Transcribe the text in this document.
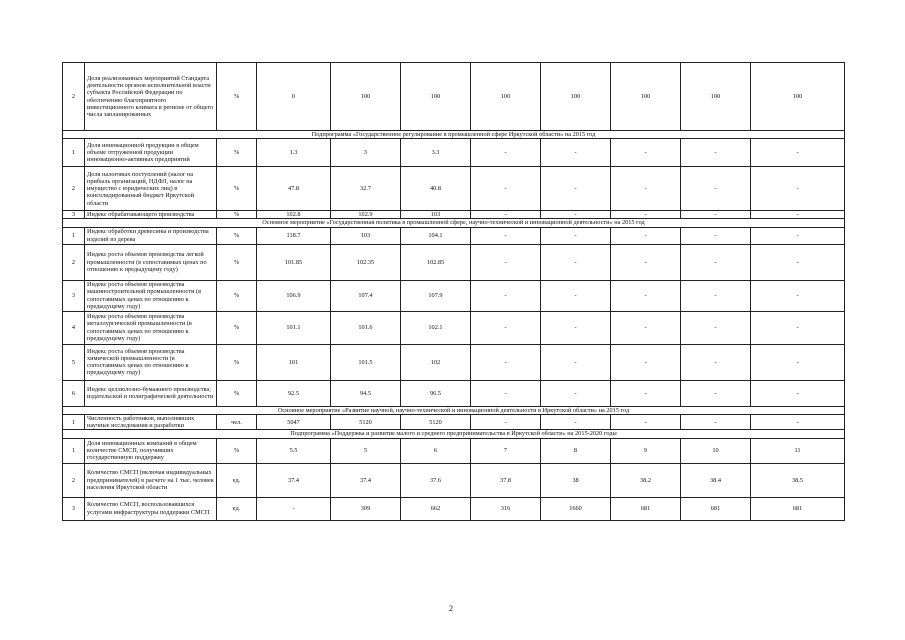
2	Доля реализованных мероприятий Стандарта деятельности органов исполнительной власти субъекта Российской Федерации по обеспечению благоприятного инвестиционного климата в регионе от общего числа запланированных	%	0	100	100	100	100	100	100	100
Подпрограмма «Государственное регулирование в промышленной сфере Иркутской области» на 2015 год										
1	Доля инновационной продукции в общем объеме отгруженной продукции инновационно-активных предприятий	%	1.3	3	3.3	-	-	-	-	-
2	Доля налоговых поступлений (налог на прибыль организаций, НДФЛ, налог на имущество с юридических лиц) в консолидированный бюджет Иркутской области	%	47.8	32.7	40.8	-	-	-	-	-
3	Индекс обрабатывающего производства	%	102.8	102.9	103	-	-	-	-	-
Основное мероприятие «Государственная политика в промышленной сфере, научно-технической и инновационной деятельности» на 2015 год										
1	Индекс обработки древесины и производства изделий из дерева	%	118.7	103	104.1	-	-	-	-	-
2	Индекс роста объемов производства легкой промышленности (в сопоставимых ценах по отношению к предыдущему году)	%	101.85	102.35	102.85	-	-	-	-	-
3	Индекс роста объемов производства машиностроительной промышленности (в сопоставимых ценах по отношению к предыдущему году)	%	106.9	107.4	107.9	-	-	-	-	-
4	Индекс роста объемов производства металлургической промышленности (в сопоставимых ценах по отношению к предыдущему году)	%	101.1	101.6	102.1	-	-	-	-	-
5	Индекс роста объемов производства химической промышленности (в сопоставимых ценах по отношению к предыдущему году)	%	101	101.5	102	-	-	-	-	-
6	Индекс целлюлозно-бумажного производства; издательской и полиграфической деятельности	%	92.5	94.5	96.5	-	-	-	-	-
Основное мероприятие «Развитие научной, научно-технической и инновационной деятельности в Иркутской области» на 2015 год										
1	Численность работников, выполнявших научные исследования и разработки	чел.	5047	5120	5120	-	-	-	-	-
Подпрограмма «Поддержка и развитие малого и среднего предпринимательства в Иркутской области» на 2015-2020 годы										
1	Доля инновационных компаний в общем количестве СМСП, получивших государственную поддержку	%	5.5	5	6	7	8	9	10	11
2	Количество СМСП (включая индивидуальных предпринимателей) в расчете на 1 тыс. человек населения Иркутской области	ед.	37.4	37.4	37.6	37.8	38	38.2	38.4	38.5
3	Количество СМСП, воспользовавшихся услугами инфраструктуры поддержки СМСП	ед.	-	309	662	316	1660	681	681	681
2
